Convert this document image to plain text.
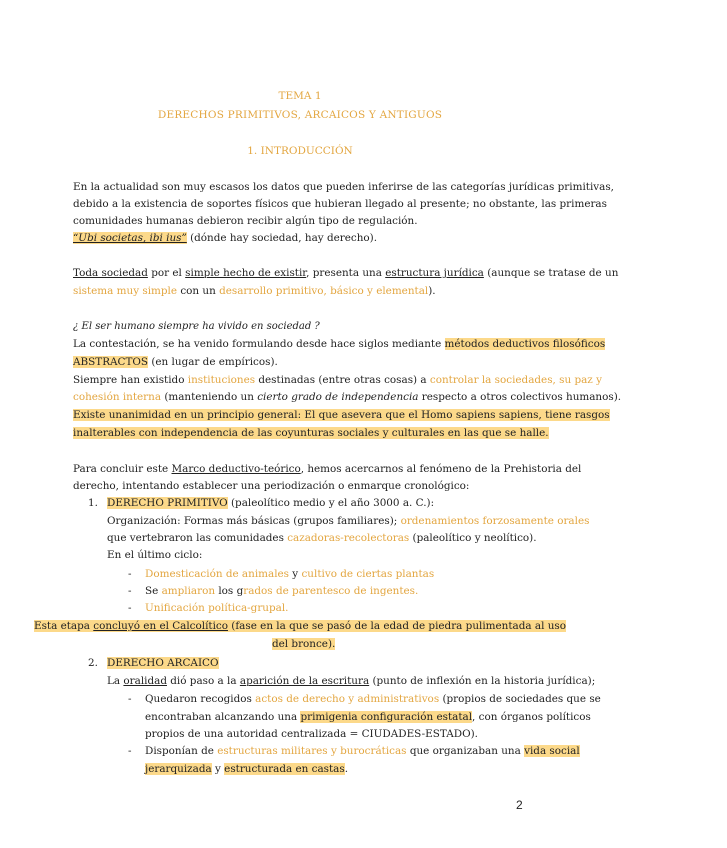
TEMA 1
DERECHOS PRIMITIVOS, ARCAICOS Y ANTIGUOS
1. INTRODUCCIÓN
En la actualidad son muy escasos los datos que pueden inferirse de las categorías jurídicas primitivas,
debido a la existencia de soportes físicos que hubieran llegado al presente; no obstante, las primeras
comunidades humanas debieron recibir algún tipo de regulación.
“Ubi societas, ibi ius” (dónde hay sociedad, hay derecho).
Toda sociedad por el simple hecho de existir, presenta una estructura jurídica (aunque se tratase de un
sistema muy simple con un desarrollo primitivo, básico y elemental).
¿ El ser humano siempre ha vivido en sociedad ?
La contestación, se ha venido formulando desde hace siglos mediante métodos deductivos filosóficos
ABSTRACTOS (en lugar de empíricos).
Siempre han existido instituciones destinadas (entre otras cosas) a controlar la sociedades, su paz y
cohesión interna (manteniendo un cierto grado de independencia respecto a otros colectivos humanos).
Existe unanimidad en un principio general: El que asevera que el Homo sapiens sapiens, tiene rasgos
inalterables con independencia de las coyunturas sociales y culturales en las que se halle.
Para concluir este Marco deductivo-teórico, hemos acercarnos al fenómeno de la Prehistoria del
derecho, intentando establecer una periodización o enmarque cronológico:
1. DERECHO PRIMITIVO (paleolítico medio y el año 3000 a. C.):
Organización: Formas más básicas (grupos familiares); ordenamientos forzosamente orales
que vertebraron las comunidades cazadoras-recolectoras (paleolítico y neolítico).
En el último ciclo:
- Domesticación de animales y cultivo de ciertas plantas
- Se ampliaron los grados de parentesco de ingentes.
- Unificación política-grupal.
Esta etapa concluyó en el Calcolítico (fase en la que se pasó de la edad de piedra pulimentada al uso
del bronce).
2. DERECHO ARCAICO
La oralidad dió paso a la aparición de la escritura (punto de inflexión en la historia jurídica);
- Quedaron recogidos actos de derecho y administrativos (propios de sociedades que se
encontraban alcanzando una primigenia configuración estatal, con órganos políticos
propios de una autoridad centralizada = CIUDADES-ESTADO).
- Disponían de estructuras militares y burocráticas que organizaban una vida social
jerarquizada y estructurada en castas.
2
